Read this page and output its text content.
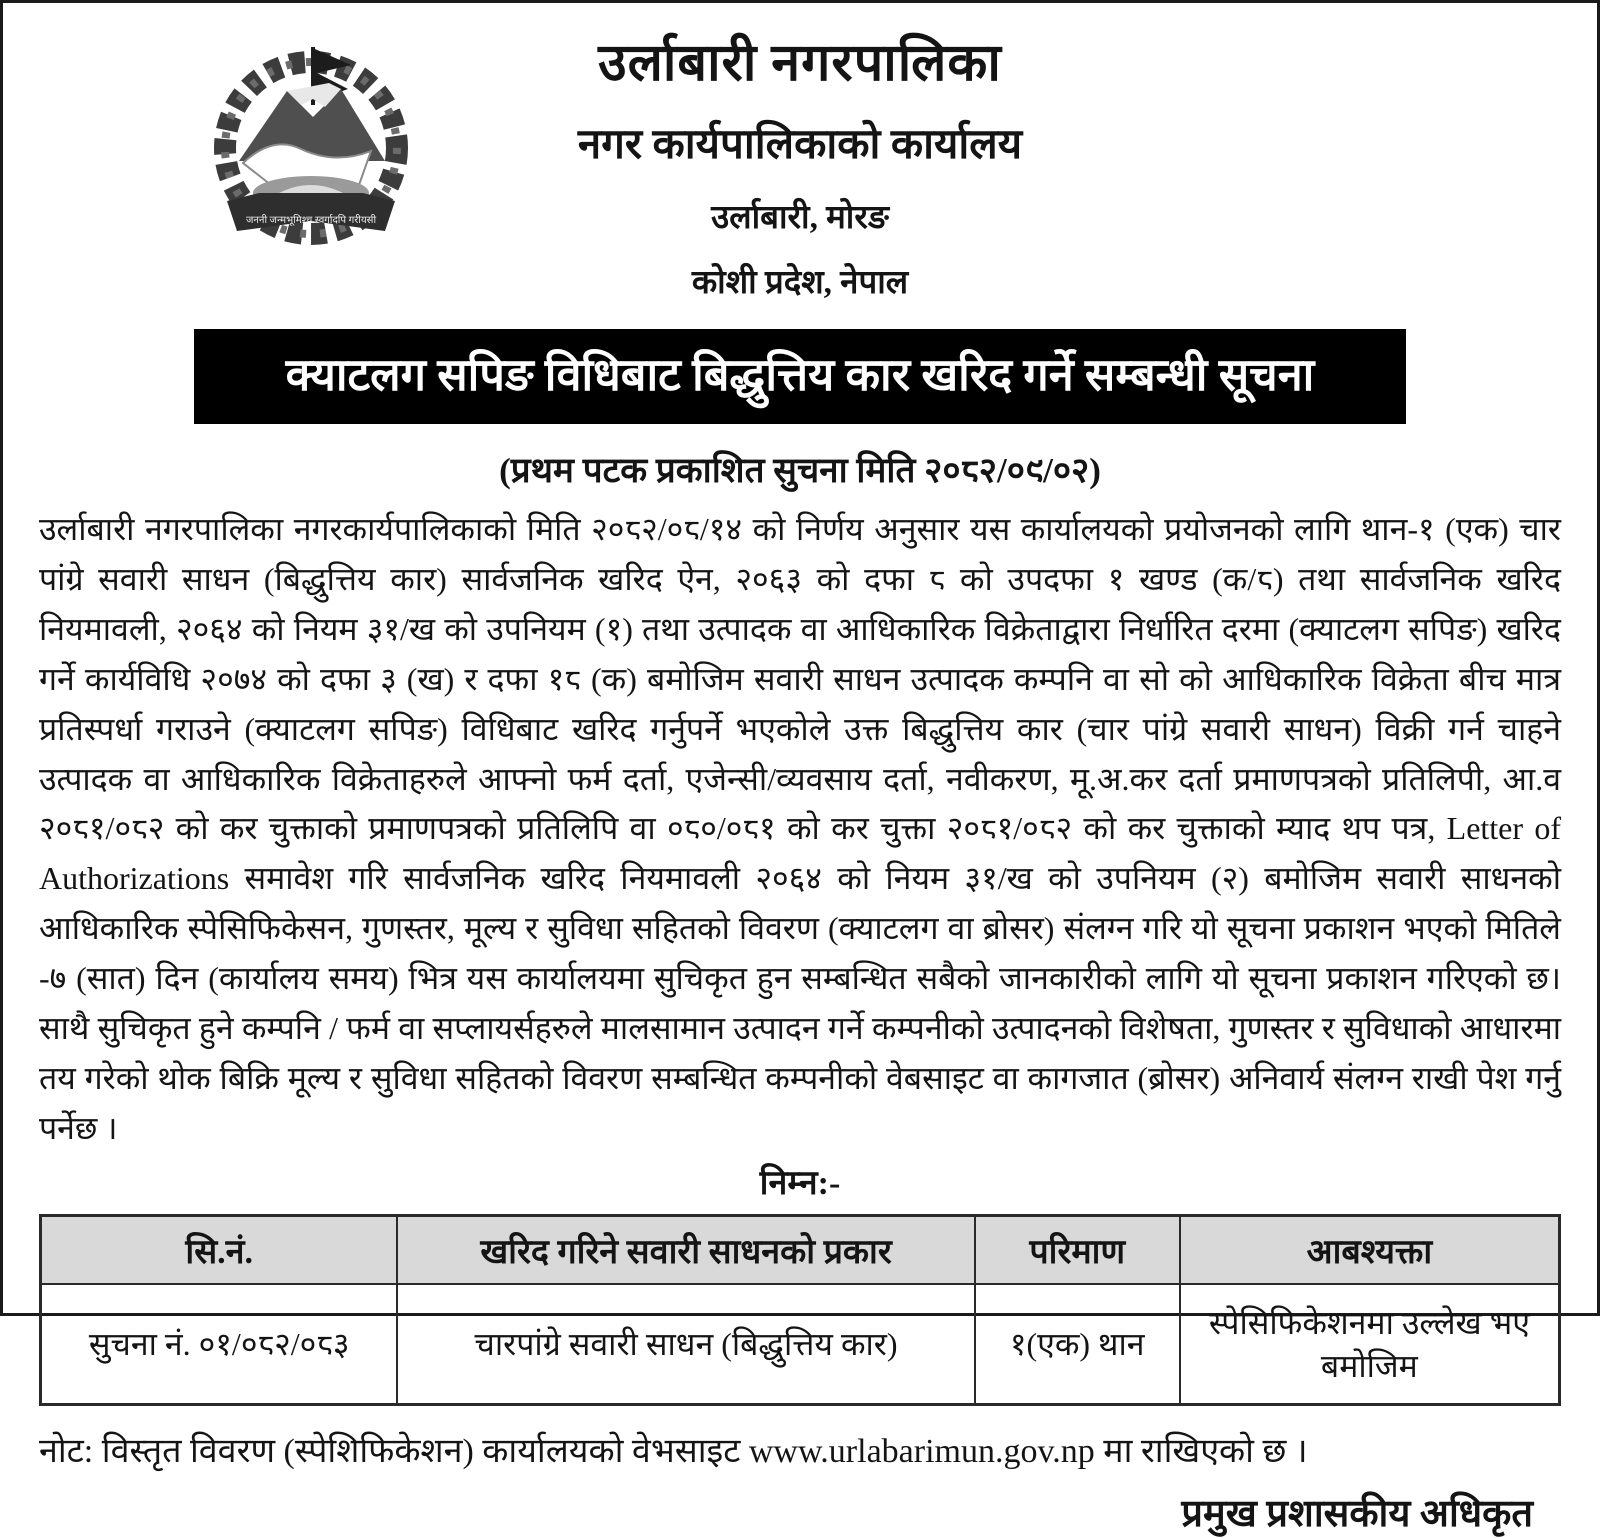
जननी जन्मभूमिश्च स्वर्गादपि गरीयसी
उर्लाबारी नगरपालिका
नगर कार्यपालिकाको कार्यालय
उर्लाबारी, मोरङ
कोशी प्रदेश, नेपाल
क्याटलग सपिङ विधिबाट बिद्धुत्तिय कार खरिद गर्ने सम्बन्धी सूचना
(प्रथम पटक प्रकाशित सुचना मिति २०८२/०९/०२)
उर्लाबारी नगरपालिका नगरकार्यपालिकाको मिति २०८२/०८/१४ को निर्णय अनुसार यस कार्यालयको प्रयोजनको लागि थान-१ (एक) चार पांग्रे सवारी साधन (बिद्धुत्तिय कार) सार्वजनिक खरिद ऐन, २०६३ को दफा ८ को उपदफा १ खण्ड (क/८) तथा सार्वजनिक खरिद नियमावली, २०६४ को नियम ३१/ख को उपनियम (१) तथा उत्पादक वा आधिकारिक विक्रेताद्वारा निर्धारित दरमा (क्याटलग सपिङ) खरिद गर्ने कार्यविधि २०७४ को दफा ३ (ख) र दफा १८ (क) बमोजिम सवारी साधन उत्पादक कम्पनि वा सो को आधिकारिक विक्रेता बीच मात्र प्रतिस्पर्धा गराउने (क्याटलग सपिङ) विधिबाट खरिद गर्नुपर्ने भएकोले उक्त बिद्धुत्तिय कार (चार पांग्रे सवारी साधन) विक्री गर्न चाहने उत्पादक वा आधिकारिक विक्रेताहरुले आफ्नो फर्म दर्ता, एजेन्सी/व्यवसाय दर्ता, नवीकरण, मू.अ.कर दर्ता प्रमाणपत्रको प्रतिलिपी, आ.व २०८१/०८२ को कर चुक्ताको प्रमाणपत्रको प्रतिलिपि वा ०८०/०८१ को कर चुक्ता २०८१/०८२ को कर चुक्ताको म्याद थप पत्र, Letter of Authorizations समावेश गरि सार्वजनिक खरिद नियमावली २०६४ को नियम ३१/ख को उपनियम (२) बमोजिम सवारी साधनको आधिकारिक स्पेसिफिकेसन, गुणस्तर, मूल्य र सुविधा सहितको विवरण (क्याटलग वा ब्रोसर) संलग्न गरि यो सूचना प्रकाशन भएको मितिले -७ (सात) दिन (कार्यालय समय) भित्र यस कार्यालयमा सुचिकृत हुन सम्बन्धित सबैको जानकारीको लागि यो सूचना प्रकाशन गरिएको छ। साथै सुचिकृत हुने कम्पनि / फर्म वा सप्लायर्सहरुले मालसामान उत्पादन गर्ने कम्पनीको उत्पादनको विशेषता, गुणस्तर र सुविधाको आधारमा तय गरेको थोक बिक्रि मूल्य र सुविधा सहितको विवरण सम्बन्धित कम्पनीको वेबसाइट वा कागजात (ब्रोसर) अनिवार्य संलग्न राखी पेश गर्नु पर्नेछ ।
निम्न:-
सि.नं.	खरिद गरिने सवारी साधनको प्रकार	परिमाण	आबश्यक्ता
सुचना नं. ०१/०८२/०८३	चारपांग्रे सवारी साधन (बिद्धुत्तिय कार)	१(एक) थान	स्पेसिफिकेशनमा उल्लेख भए बमोजिम
नोट: विस्तृत विवरण (स्पेशिफिकेशन) कार्यालयको वेभसाइट www.urlabarimun.gov.np मा राखिएको छ ।
प्रमुख प्रशासकीय अधिकृत
